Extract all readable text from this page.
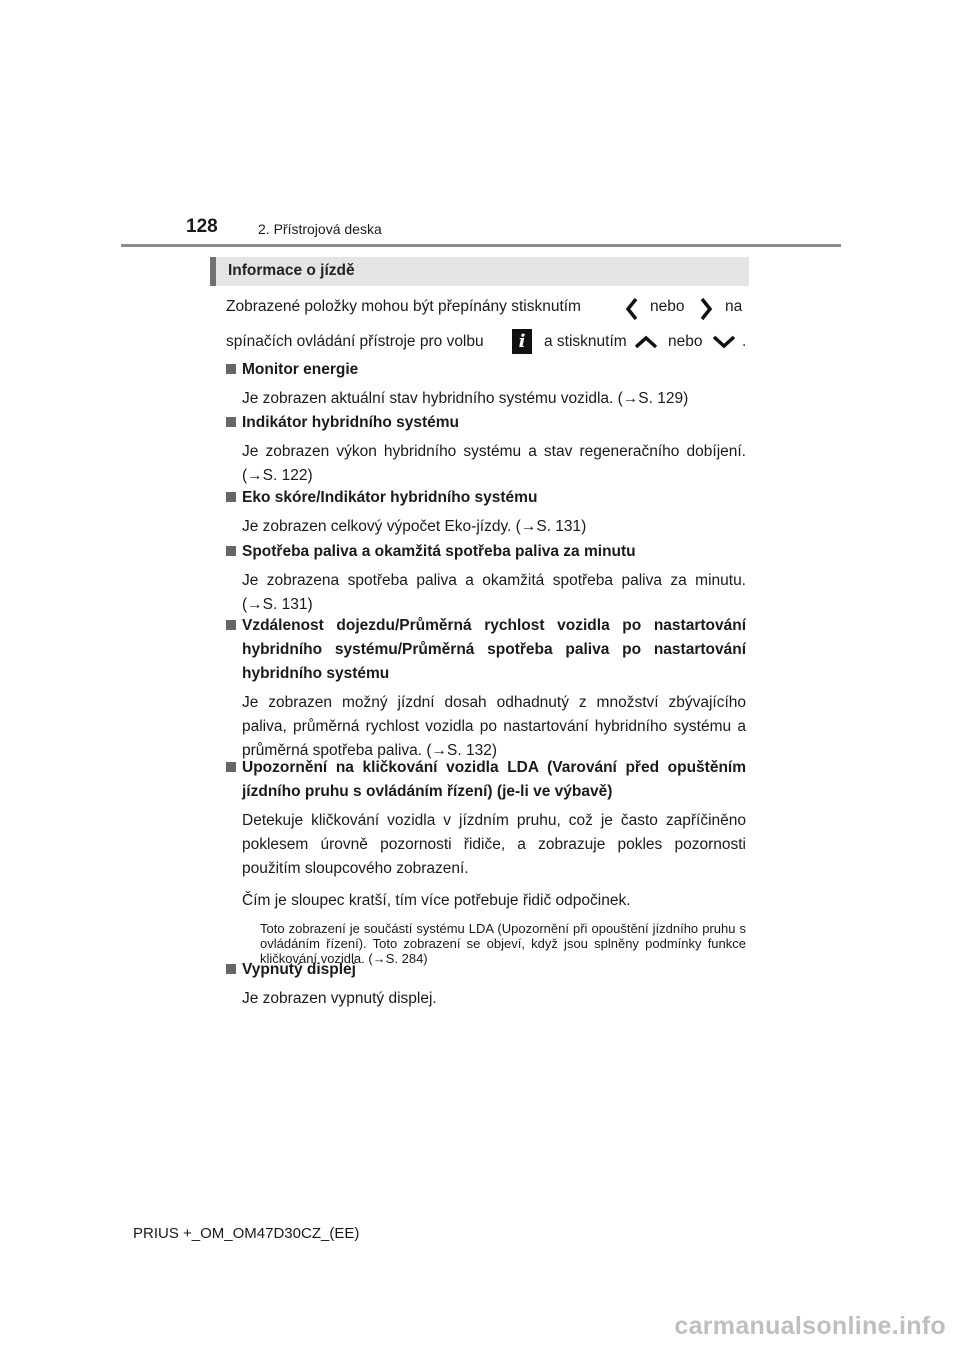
128	2. Přístrojová deska
Informace o jízdě
Zobrazené položky mohou být přepínány stisknutím	nebo	na
spínačích ovládání přístroje pro volbu	i	a stisknutím	nebo	.
Monitor energie

Je zobrazen aktuální stav hybridního systému vozidla. (→S. 129)

Indikátor hybridního systému

Je zobrazen výkon hybridního systému a stav regeneračního dobíjení. (→S. 122)

Eko skóre/Indikátor hybridního systému

Je zobrazen celkový výpočet Eko-jízdy. (→S. 131)

Spotřeba paliva a okamžitá spotřeba paliva za minutu

Je zobrazena spotřeba paliva a okamžitá spotřeba paliva za minutu. (→S. 131)

Vzdálenost dojezdu/Průměrná rychlost vozidla po nastartování hybridního systému/Průměrná spotřeba paliva po nastartování hybridního systému

Je zobrazen možný jízdní dosah odhadnutý z množství zbývajícího paliva, průměrná rychlost vozidla po nastartování hybridního systému a průměrná spotřeba paliva. (→S. 132)

Upozornění na kličkování vozidla LDA (Varování před opuštěním jízdního pruhu s ovládáním řízení) (je-li ve výbavě)

Detekuje kličkování vozidla v jízdním pruhu, což je často zapříčiněno poklesem úrovně pozornosti řidiče, a zobrazuje pokles pozornosti použitím sloupcového zobrazení.

Čím je sloupec kratší, tím více potřebuje řidič odpočinek.

Toto zobrazení je součástí systému LDA (Upozornění při opouštění jízdního pruhu s ovládáním řízení). Toto zobrazení se objeví, když jsou splněny podmínky funkce kličkování vozidla. (→S. 284)
Vypnutý displej

Je zobrazen vypnutý displej.

PRIUS +_OM_OM47D30CZ_(EE)
carmanualsonline.info
